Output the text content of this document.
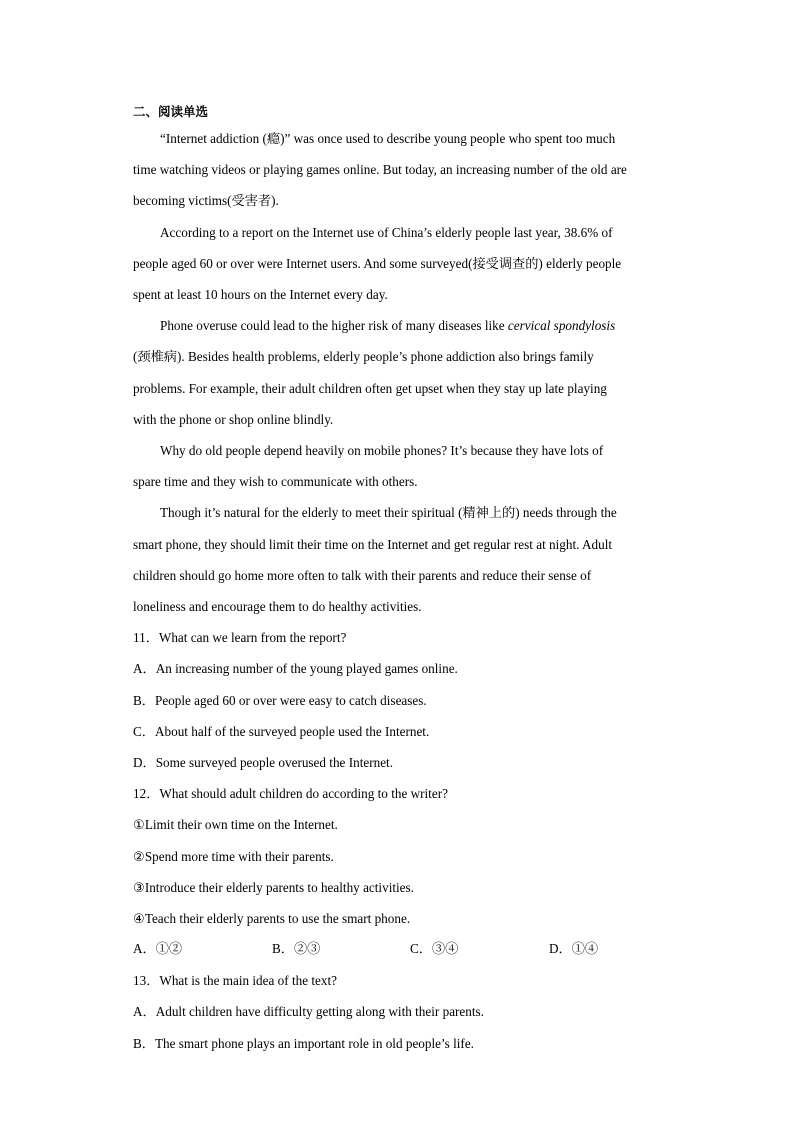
二、阅读单选
“Internet addiction (瘾)” was once used to describe young people who spent too much
time watching videos or playing games online. But today, an increasing number of the old are
becoming victims(受害者).
According to a report on the Internet use of China’s elderly people last year, 38.6% of
people aged 60 or over were Internet users. And some surveyed(接受调查的) elderly people
spent at least 10 hours on the Internet every day.
Phone overuse could lead to the higher risk of many diseases like cervical spondylosis
(颈椎病). Besides health problems, elderly people’s phone addiction also brings family
problems. For example, their adult children often get upset when they stay up late playing
with the phone or shop online blindly.
Why do old people depend heavily on mobile phones? It’s because they have lots of
spare time and they wish to communicate with others.
Though it’s natural for the elderly to meet their spiritual (精神上的) needs through the
smart phone, they should limit their time on the Internet and get regular rest at night. Adult
children should go home more often to talk with their parents and reduce their sense of
loneliness and encourage them to do healthy activities.
11．What can we learn from the report?
A．An increasing number of the young played games online.
B．People aged 60 or over were easy to catch diseases.
C．About half of the surveyed people used the Internet.
D．Some surveyed people overused the Internet.
12．What should adult children do according to the writer?
①Limit their own time on the Internet.
②Spend more time with their parents.
③Introduce their elderly parents to healthy activities.
④Teach their elderly parents to use the smart phone.
A．①②	B．②③	C．③④	D．①④
13．What is the main idea of the text?
A．Adult children have difficulty getting along with their parents.
B．The smart phone plays an important role in old people’s life.
